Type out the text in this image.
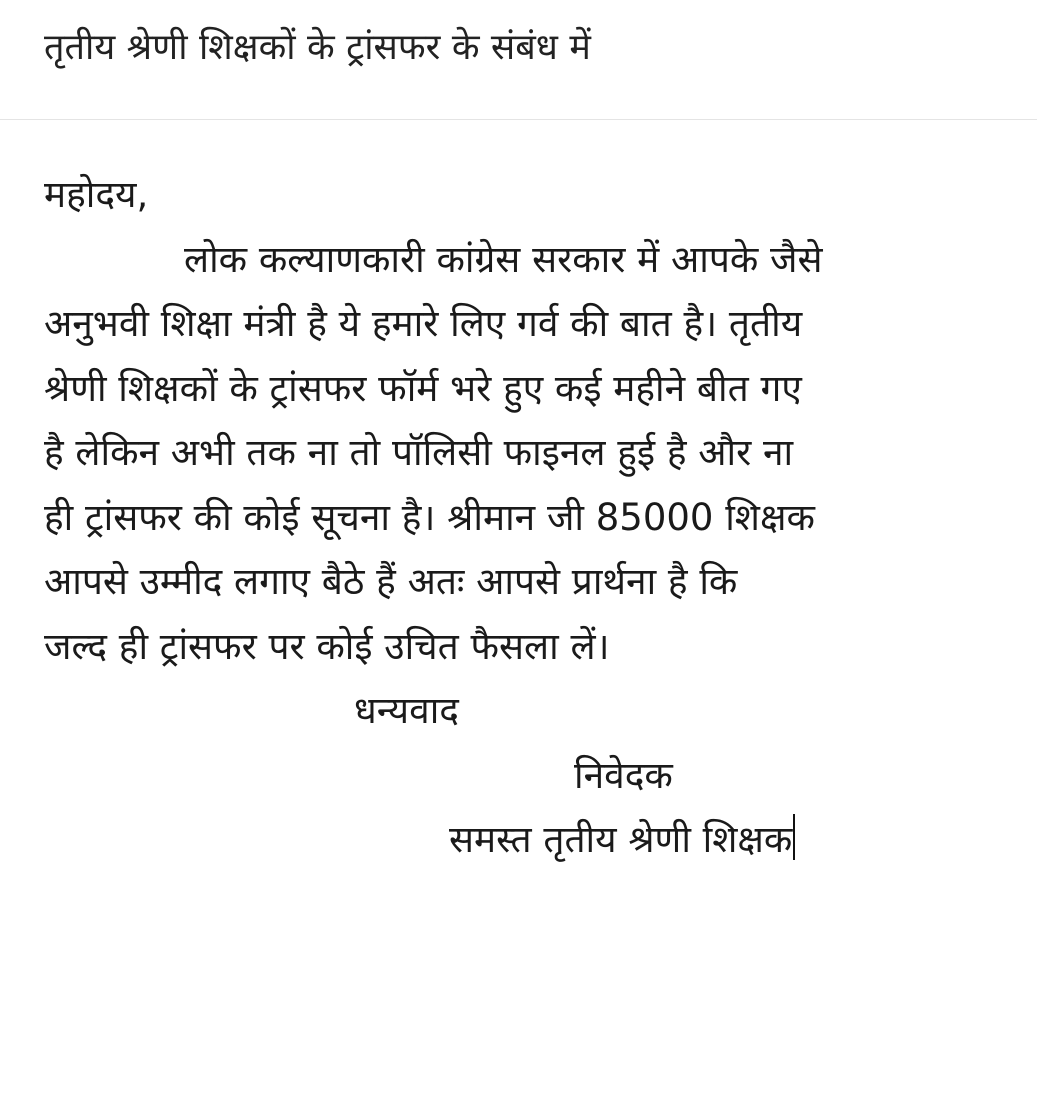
तृतीय श्रेणी शिक्षकों के ट्रांसफर के संबंध में
महोदय,
लोक कल्याणकारी कांग्रेस सरकार में आपके जैसे
अनुभवी शिक्षा मंत्री है ये हमारे लिए गर्व की बात है। तृतीय
श्रेणी शिक्षकों के ट्रांसफर फॉर्म भरे हुए कई महीने बीत गए
है लेकिन अभी तक ना तो पॉलिसी फाइनल हुई है और ना
ही ट्रांसफर की कोई सूचना है। श्रीमान जी 85000 शिक्षक
आपसे उम्मीद लगाए बैठे हैं अतः आपसे प्रार्थना है कि
जल्द ही ट्रांसफर पर कोई उचित फैसला लें।
धन्यवाद
निवेदक
समस्त तृतीय श्रेणी शिक्षक
